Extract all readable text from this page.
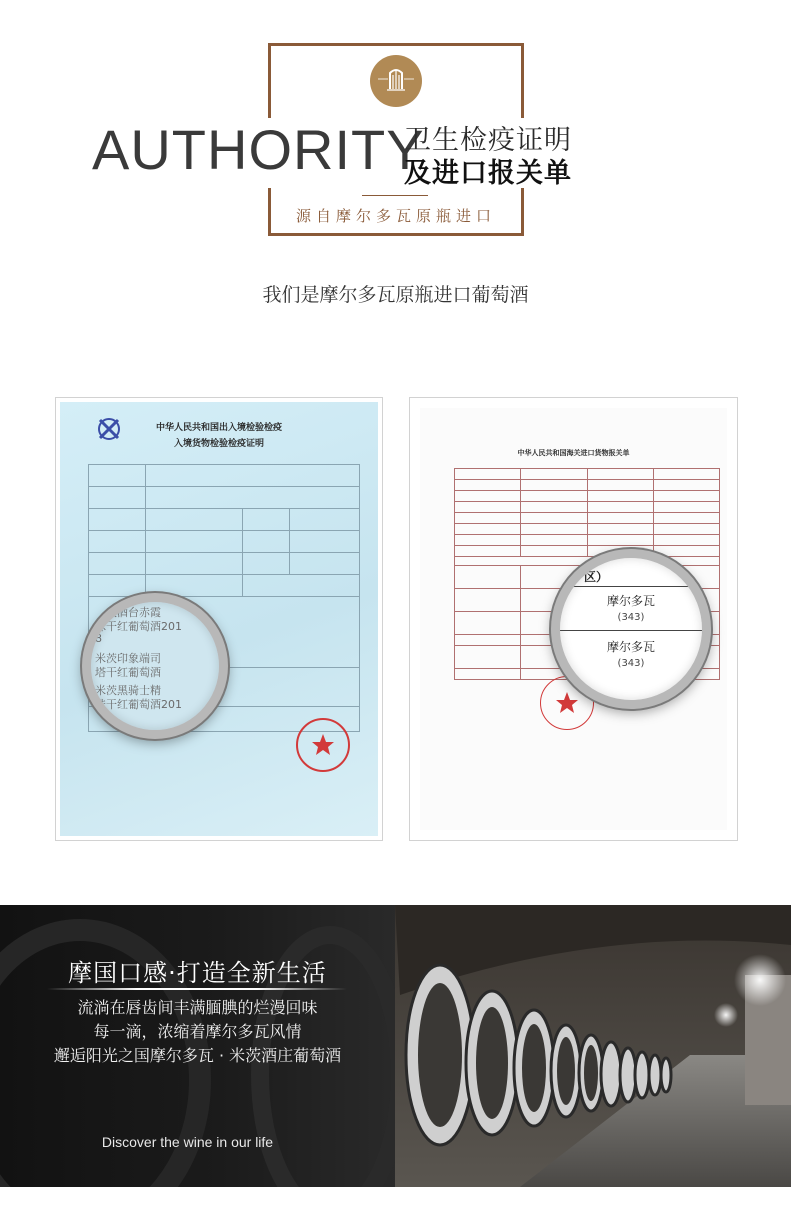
AUTHORITY
卫生检疫证明
及进口报关单
源自摩尔多瓦原瓶进口
我们是摩尔多瓦原瓶进口葡萄酒
中华人民共和国出入境检验检疫
入境货物检验检疫证明

米茨酒台赤霞
珠干红葡萄酒201
8
米茨印象端司
塔干红葡萄酒
米茨黑骑士精
珠干红葡萄酒201
中华人民共和国海关进口货物报关单

区）
摩尔多瓦
(343)
摩尔多瓦
(343)
摩国口感·打造全新生活
流淌在唇齿间丰满腼腆的烂漫回味
每一滴，浓缩着摩尔多瓦风情
邂逅阳光之国摩尔多瓦 · 米茨酒庄葡萄酒
Discover the wine in our life
